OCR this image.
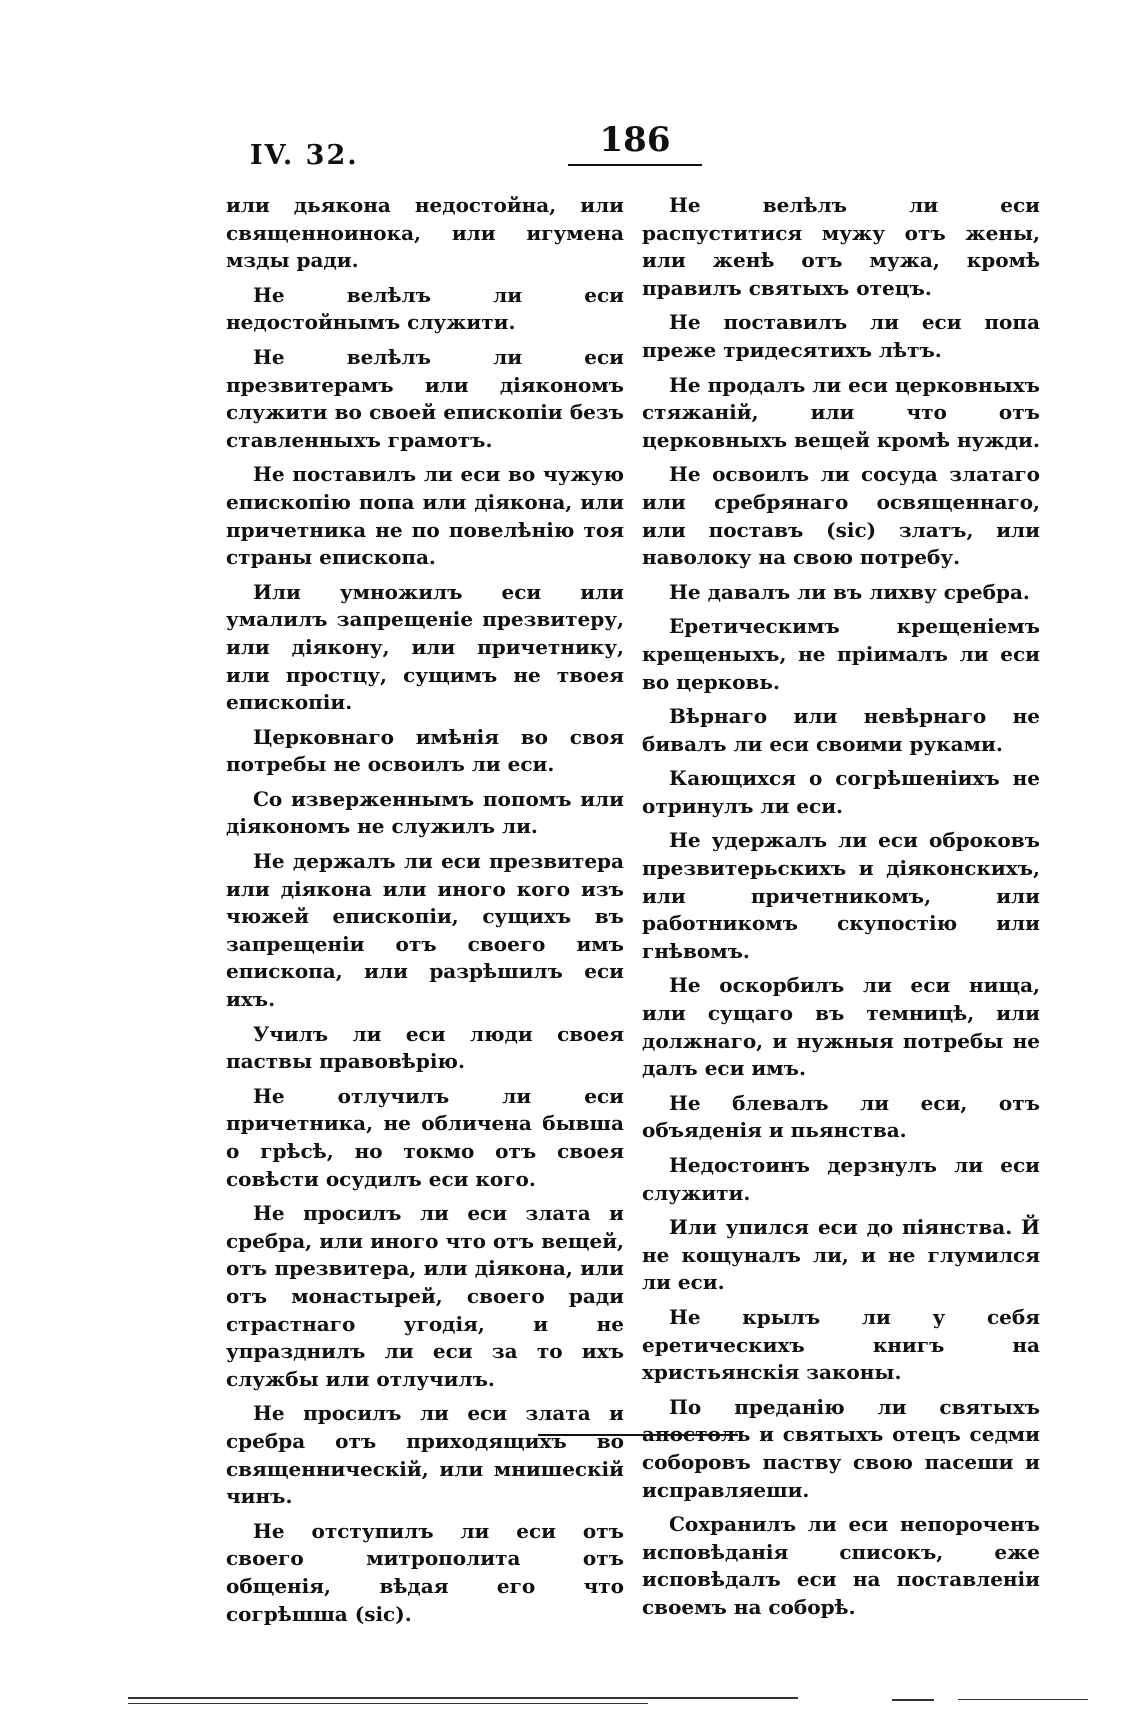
IV. 32.	186

или дьякона недостойна, или священноинока, или игумена мзды ради.

Не велѣлъ ли еси недостойнымъ служити.

Не велѣлъ ли еси презвитерамъ или діякономъ служити во своей епископіи безъ ставленныхъ грамотъ.

Не поставилъ ли еси во чужую епископію попа или діякона, или причетника не по повелѣнію тоя страны епископа.

Или умножилъ еси или умалилъ запрещеніе презвитеру, или діякону, или причетнику, или простцу, сущимъ не твоея епископіи.

Церковнаго имѣнія во своя потребы не освоилъ ли еси.

Со изверженнымъ попомъ или діякономъ не служилъ ли.

Не держалъ ли еси презвитера или діякона или иного кого изъ чюжей епископіи, сущихъ въ запрещеніи отъ своего имъ епископа, или разрѣшилъ еси ихъ.

Училъ ли еси люди своея паствы правовѣрію.

Не отлучилъ ли еси причетника, не обличена бывша о грѣсѣ, но токмо отъ своея совѣсти осудилъ еси кого.

Не просилъ ли еси злата и сребра, или иного что отъ вещей, отъ презвитера, или діякона, или отъ монастырей, своего ради страстнаго угодія, и не упразднилъ ли еси за то ихъ службы или отлучилъ.

Не просилъ ли еси злата и сребра отъ приходящихъ во священническій, или мнишескій чинъ.

Не отступилъ ли еси отъ своего митрополита отъ общенія, вѣдая его что согрѣшша (sic).

Не велѣлъ ли еси распуститися мужу отъ жены, или женѣ отъ мужа, кромѣ правилъ святыхъ отецъ.

Не поставилъ ли еси попа преже тридесятихъ лѣтъ.

Не продалъ ли еси церковныхъ стяжаній, или что отъ церковныхъ вещей кромѣ нужди.

Не освоилъ ли сосуда златаго или сребрянаго освященнаго, или поставъ (sic) златъ, или наволоку на свою потребу.

Не давалъ ли въ лихву сребра.

Еретическимъ крещеніемъ крещеныхъ, не пріималъ ли еси во церковь.

Вѣрнаго или невѣрнаго не бивалъ ли еси своими руками.

Кающихся о согрѣшеніихъ не отринулъ ли еси.

Не удержалъ ли еси оброковъ презвитерьскихъ и діяконскихъ, или причетникомъ, или работникомъ скупостію или гнѣвомъ.

Не оскорбилъ ли еси нища, или сущаго въ темницѣ, или должнаго, и нужныя потребы не далъ еси имъ.

Не блевалъ ли еси, отъ объяденія и пьянства.

Недостоинъ дерзнулъ ли еси служити.

Или упился еси до піянства. Й не кощуналъ ли, и не глумился ли еси.

Не крылъ ли у себя еретическихъ книгъ на христьянскія законы.

По преданію ли святыхъ апостолъ и святыхъ отецъ седми соборовъ паству свою пасеши и исправляеши.

Сохранилъ ли еси непороченъ исповѣданія списокъ, еже исповѣдалъ еси на поставленіи своемъ на соборѣ.
